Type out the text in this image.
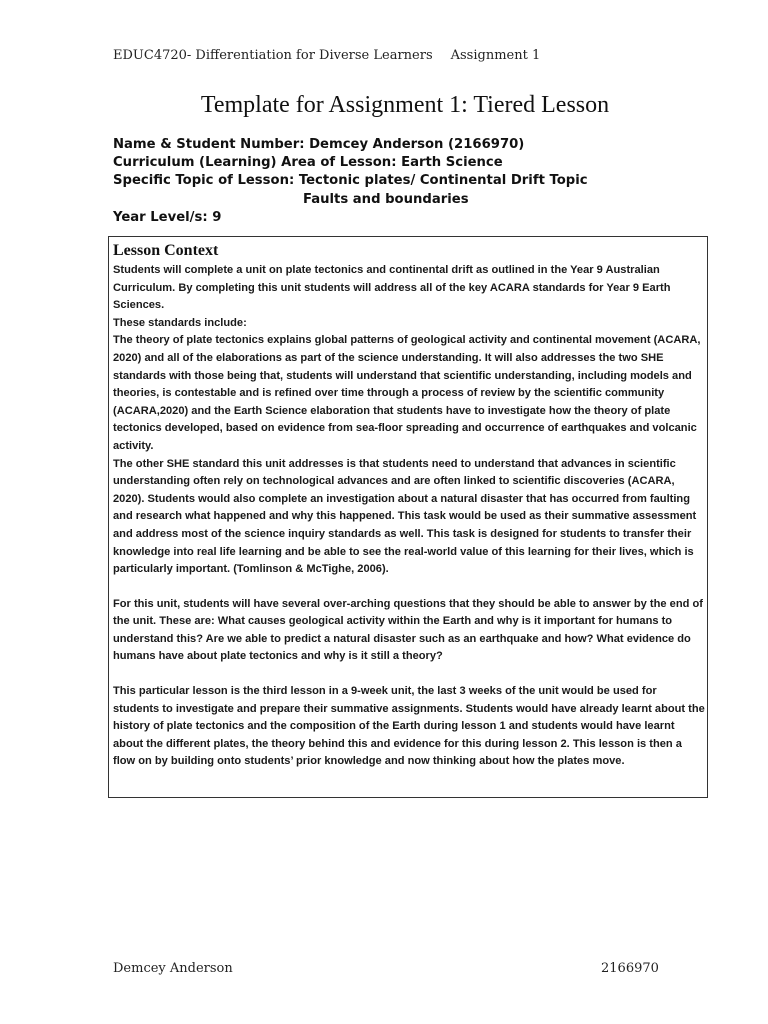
EDUC4720- Differentiation for Diverse Learners Assignment 1
Template for Assignment 1: Tiered Lesson
Name & Student Number: Demcey Anderson (2166970)
Curriculum (Learning) Area of Lesson: Earth Science
Specific Topic of Lesson: Tectonic plates/ Continental Drift Topic
Faults and boundaries
Year Level/s: 9
Lesson Context

Students will complete a unit on plate tectonics and continental drift as outlined in the Year 9 Australian Curriculum. By completing this unit students will address all of the key ACARA standards for Year 9 Earth Sciences.

These standards include:

The theory of plate tectonics explains global patterns of geological activity and continental movement (ACARA, 2020) and all of the elaborations as part of the science understanding. It will also addresses the two SHE standards with those being that, students will understand that scientific understanding, including models and theories, is contestable and is refined over time through a process of review by the scientific community (ACARA,2020) and the Earth Science elaboration that students have to investigate how the theory of plate tectonics developed, based on evidence from sea-floor spreading and occurrence of earthquakes and volcanic activity.

The other SHE standard this unit addresses is that students need to understand that advances in scientific understanding often rely on technological advances and are often linked to scientific discoveries (ACARA, 2020). Students would also complete an investigation about a natural disaster that has occurred from faulting and research what happened and why this happened. This task would be used as their summative assessment and address most of the science inquiry standards as well. This task is designed for students to transfer their knowledge into real life learning and be able to see the real-world value of this learning for their lives, which is particularly important. (Tomlinson & McTighe, 2006).

For this unit, students will have several over-arching questions that they should be able to answer by the end of the unit. These are: What causes geological activity within the Earth and why is it important for humans to understand this? Are we able to predict a natural disaster such as an earthquake and how? What evidence do humans have about plate tectonics and why is it still a theory?

This particular lesson is the third lesson in a 9-week unit, the last 3 weeks of the unit would be used for students to investigate and prepare their summative assignments. Students would have already learnt about the history of plate tectonics and the composition of the Earth during lesson 1 and students would have learnt about the different plates, the theory behind this and evidence for this during lesson 2. This lesson is then a flow on by building onto students’ prior knowledge and now thinking about how the plates move.

Demcey Anderson	2166970
